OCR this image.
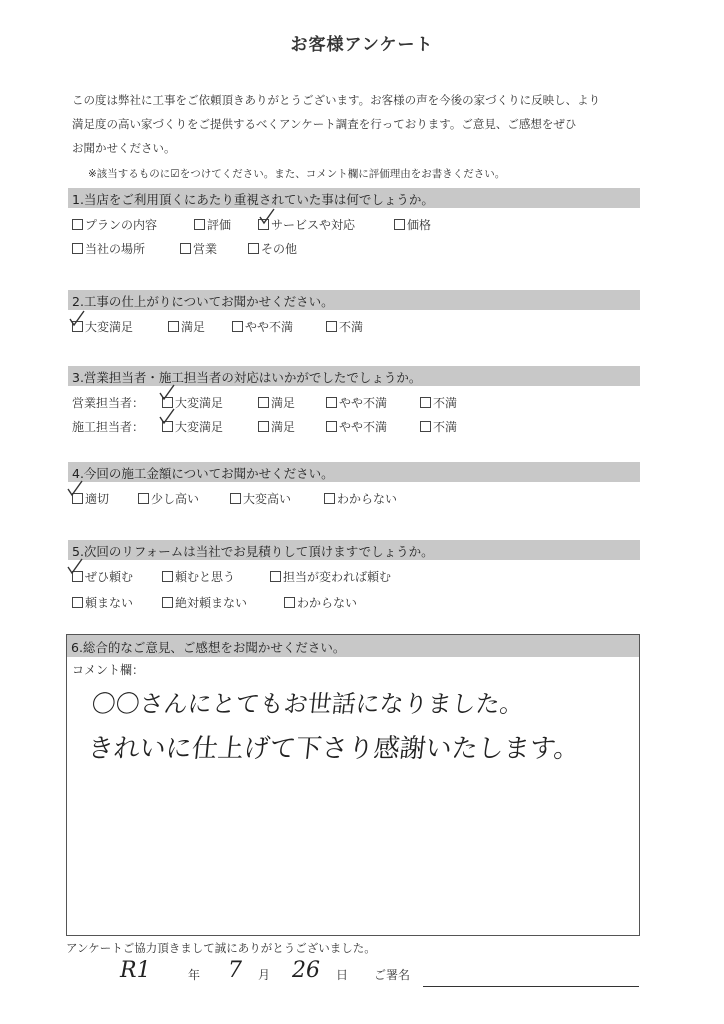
お客様アンケート
この度は弊社に工事をご依頼頂きありがとうございます。お客様の声を今後の家づくりに反映し、より
満足度の高い家づくりをご提供するべくアンケート調査を行っております。ご意見、ご感想をぜひ
お聞かせください。
※該当するものに☑をつけてください。また、コメント欄に評価理由をお書きください。
1.当店をご利用頂くにあたり重視されていた事は何でしょうか。
プランの内容	評価	サービスや対応	価格
当社の場所	営業	その他
2.工事の仕上がりについてお聞かせください。
大変満足	満足	やや不満	不満
3.営業担当者・施工担当者の対応はいかがでしたでしょうか。
営業担当者：	大変満足	満足	やや不満	不満
施工担当者：	大変満足	満足	やや不満	不満
4.今回の施工金額についてお聞かせください。
適切	少し高い	大変高い	わからない
5.次回のリフォームは当社でお見積りして頂けますでしょうか。
ぜひ頼む	頼むと思う	担当が変われば頼む
頼まない	絶対頼まない	わからない
6.総合的なご意見、ご感想をお聞かせください。
コメント欄：
〇〇さんにとてもお世話になりました。
きれいに仕上げて下さり感謝いたします。
アンケートご協力頂きまして誠にありがとうございました。
R1	年 7 月 26 日 ご署名
